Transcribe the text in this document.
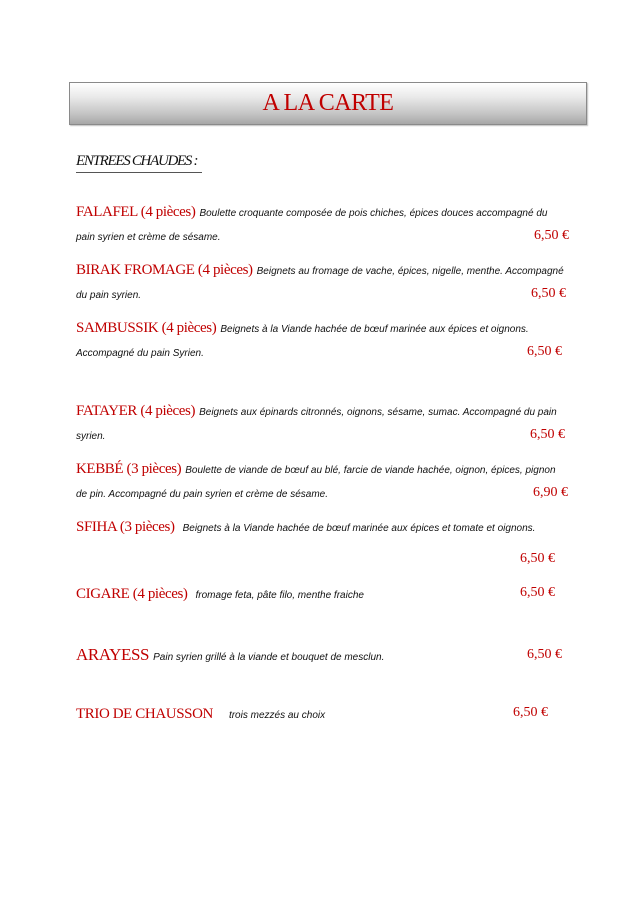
A LA CARTE
ENTREES CHAUDES :
FALAFEL (4 pièces) Boulette croquante composée de pois chiches, épices douces accompagné du
pain syrien et crème de sésame.	6,50 €
BIRAK FROMAGE (4 pièces) Beignets au fromage de vache, épices, nigelle, menthe. Accompagné
du pain syrien.	6,50 €
SAMBUSSIK (4 pièces) Beignets à la Viande hachée de bœuf marinée aux épices et oignons.
Accompagné du pain Syrien.	6,50 €
FATAYER (4 pièces) Beignets aux épinards citronnés, oignons, sésame, sumac. Accompagné du pain
syrien.	6,50 €
KEBBÉ (3 pièces) Boulette de viande de bœuf au blé, farcie de viande hachée, oignon, épices, pignon
de pin. Accompagné du pain syrien et crème de sésame.	6,90 €
SFIHA (3 pièces) Beignets à la Viande hachée de bœuf marinée aux épices et tomate et oignons.
6,50 €
CIGARE (4 pièces) fromage feta, pâte filo, menthe fraiche	6,50 €
ARAYESS Pain syrien grillé à la viande et bouquet de mesclun.	6,50 €
TRIO DE CHAUSSON trois mezzés au choix	6,50 €
